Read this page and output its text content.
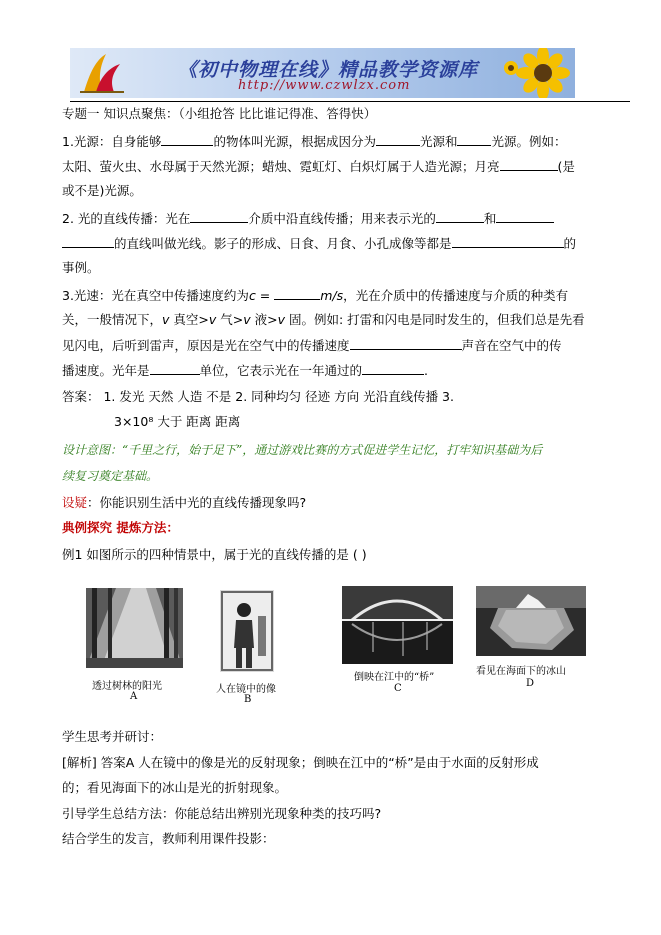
《初中物理在线》精品教学资源库
http://www.czwlzx.com
专题一 知识点聚焦：（小组抢答 比比谁记得准、答得快）
1.光源：自身能够	的物体叫光源，根据成因分为	光源和	光源。例如：
太阳、萤火虫、水母属于天然光源；蜡烛、霓虹灯、白炽灯属于人造光源；月亮	(是
或不是)光源。
2. 光的直线传播：光在	介质中沿直线传播；用来表示光的	和
的直线叫做光线。影子的形成、日食、月食、小孔成像等都是	的
事例。
3.光速：光在真空中传播速度约为c =	m/s，光在介质中的传播速度与介质的种类有
关，一般情况下，v 真空>v 气>v 液>v 固。例如: 打雷和闪电是同时发生的，但我们总是先看
见闪电，后听到雷声，原因是光在空气中的传播速度	声音在空气中的传
播速度。光年是	单位，它表示光在一年通过的	.
答案： 1. 发光 天然 人造 不是 2. 同种均匀 径迹 方向 光沿直线传播 3.
3×10⁸ 大于 距离 距离
设计意图：“千里之行，始于足下”，通过游戏比赛的方式促进学生记忆，打牢知识基础为后
续复习奠定基础。
设疑：你能识别生活中光的直线传播现象吗?
典例探究 提炼方法：
例1 如图所示的四种情景中，属于光的直线传播的是 ( )
透过树林的阳光
A
人在镜中的像
B
倒映在江中的“桥”
C
看见在海面下的冰山
D
学生思考并研讨：
[解析] 答案A 人在镜中的像是光的反射现象；倒映在江中的“桥”是由于水面的反射形成
的；看见海面下的冰山是光的折射现象。
引导学生总结方法：你能总结出辨别光现象种类的技巧吗?
结合学生的发言，教师利用课件投影：
